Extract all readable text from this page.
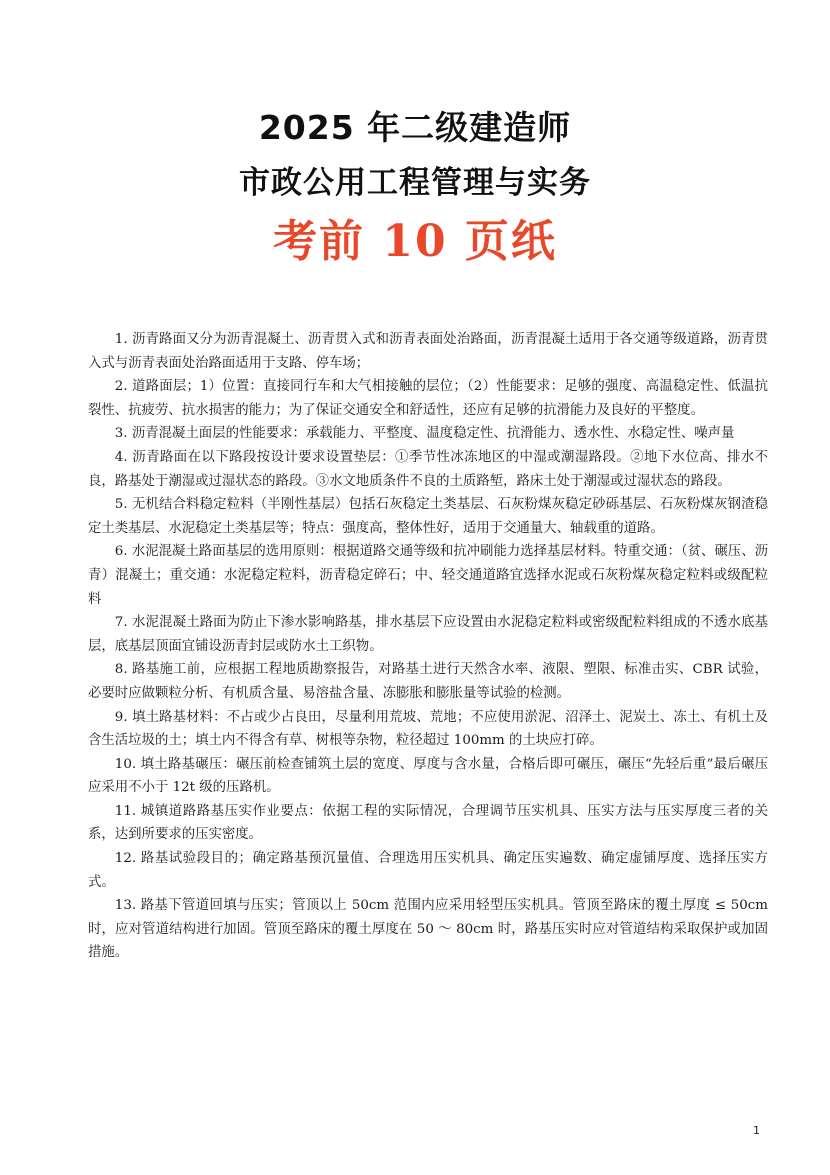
2025 年二级建造师
市政公用工程管理与实务
考前 10 页纸

1. 沥青路面又分为沥青混凝土、沥青贯入式和沥青表面处治路面，沥青混凝土适用于各交通等级道路，沥青贯入式与沥青表面处治路面适用于支路、停车场；

2. 道路面层；1）位置：直接同行车和大气相接触的层位；（2）性能要求：足够的强度、高温稳定性、低温抗裂性、抗疲劳、抗水损害的能力；为了保证交通安全和舒适性，还应有足够的抗滑能力及良好的平整度。

3. 沥青混凝土面层的性能要求：承载能力、平整度、温度稳定性、抗滑能力、透水性、水稳定性、噪声量

4. 沥青路面在以下路段按设计要求设置垫层：①季节性冰冻地区的中湿或潮湿路段。②地下水位高、排水不良，路基处于潮湿或过湿状态的路段。③水文地质条件不良的土质路堑，路床土处于潮湿或过湿状态的路段。

5. 无机结合料稳定粒料（半刚性基层）包括石灰稳定土类基层、石灰粉煤灰稳定砂砾基层、石灰粉煤灰钢渣稳定土类基层、水泥稳定土类基层等；特点：强度高，整体性好，适用于交通量大、轴载重的道路。

6. 水泥混凝土路面基层的选用原则：根据道路交通等级和抗冲刷能力选择基层材料。特重交通：（贫、碾压、沥青）混凝土；重交通：水泥稳定粒料，沥青稳定碎石；中、轻交通道路宜选择水泥或石灰粉煤灰稳定粒料或级配粒料

7. 水泥混凝土路面为防止下渗水影响路基，排水基层下应设置由水泥稳定粒料或密级配粒料组成的不透水底基层，底基层顶面宜铺设沥青封层或防水土工织物。

8. 路基施工前，应根据工程地质勘察报告，对路基土进行天然含水率、液限、塑限、标准击实、CBR 试验，必要时应做颗粒分析、有机质含量、易溶盐含量、冻膨胀和膨胀量等试验的检测。

9. 填土路基材料：不占或少占良田，尽量利用荒坡、荒地；不应使用淤泥、沼泽土、泥炭土、冻土、有机土及含生活垃圾的土；填土内不得含有草、树根等杂物，粒径超过 100mm 的土块应打碎。

10. 填土路基碾压：碾压前检查铺筑土层的宽度、厚度与含水量，合格后即可碾压，碾压“先轻后重”最后碾压应采用不小于 12t 级的压路机。

11. 城镇道路路基压实作业要点：依据工程的实际情况，合理调节压实机具、压实方法与压实厚度三者的关系，达到所要求的压实密度。

12. 路基试验段目的；确定路基预沉量值、合理选用压实机具、确定压实遍数、确定虚铺厚度、选择压实方式。

13. 路基下管道回填与压实；管顶以上 50cm 范围内应采用轻型压实机具。管顶至路床的覆土厚度 ≤ 50cm 时，应对管道结构进行加固。管顶至路床的覆土厚度在 50 ～ 80cm 时，路基压实时应对管道结构采取保护或加固措施。

1
